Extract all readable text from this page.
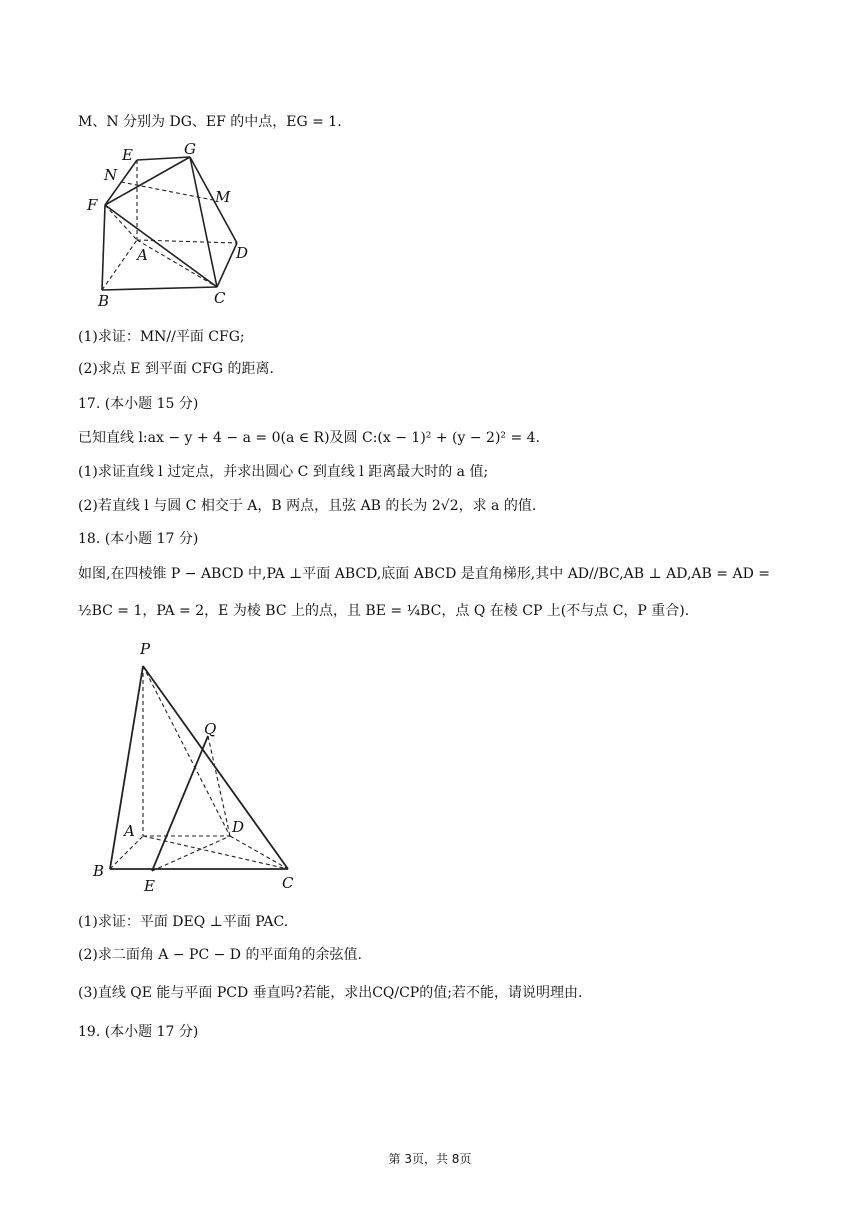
M、N 分别为 DG、EF 的中点，EG = 1.
E	G
N
M
F
A	D
B	C
(1)求证：MN//平面 CFG;
(2)求点 E 到平面 CFG 的距离.
17. (本小题 15 分)
已知直线 l:ax − y + 4 − a = 0(a ∈ R)及圆 C:(x − 1)² + (y − 2)² = 4.
(1)求证直线 l 过定点，并求出圆心 C 到直线 l 距离最大时的 a 值;
(2)若直线 l 与圆 C 相交于 A，B 两点，且弦 AB 的长为 2√2，求 a 的值.
18. (本小题 17 分)
如图,在四棱锥 P − ABCD 中,PA ⊥平面 ABCD,底面 ABCD 是直角梯形,其中 AD//BC,AB ⊥ AD,AB = AD =
½BC = 1，PA = 2，E 为棱 BC 上的点，且 BE = ¼BC，点 Q 在棱 CP 上(不与点 C，P 重合).
P
Q
A	D
B
E	C
(1)求证：平面 DEQ ⊥平面 PAC.
(2)求二面角 A − PC − D 的平面角的余弦值.
(3)直线 QE 能与平面 PCD 垂直吗?若能，求出CQ/CP的值;若不能，请说明理由.
19. (本小题 17 分)
第 3页，共 8页
